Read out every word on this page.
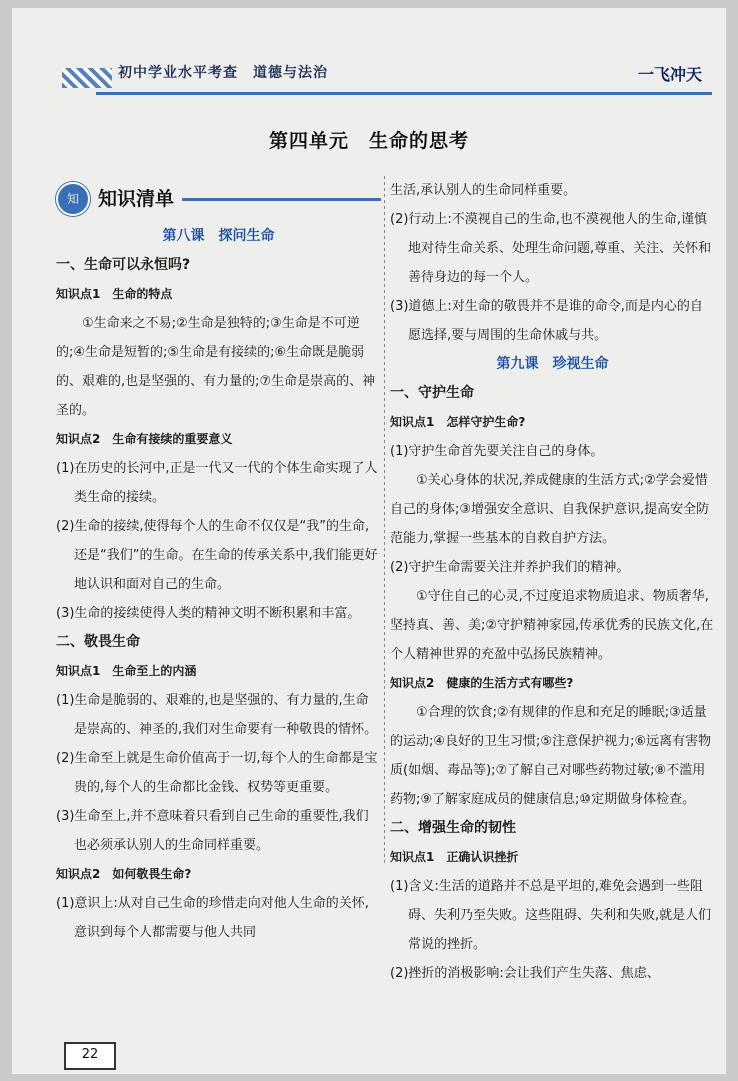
初中学业水平考查　道德与法治	一飞冲天
第四单元　生命的思考
知	知识清单
第八课　探问生命
一、生命可以永恒吗?
知识点1　生命的特点
①生命来之不易;②生命是独特的;③生命是不可逆的;④生命是短暂的;⑤生命是有接续的;⑥生命既是脆弱的、艰难的,也是坚强的、有力量的;⑦生命是崇高的、神圣的。
知识点2　生命有接续的重要意义
(1)在历史的长河中,正是一代又一代的个体生命实现了人类生命的接续。
(2)生命的接续,使得每个人的生命不仅仅是“我”的生命,还是“我们”的生命。在生命的传承关系中,我们能更好地认识和面对自己的生命。
(3)生命的接续使得人类的精神文明不断积累和丰富。
二、敬畏生命
知识点1　生命至上的内涵
(1)生命是脆弱的、艰难的,也是坚强的、有力量的,生命是崇高的、神圣的,我们对生命要有一种敬畏的情怀。
(2)生命至上就是生命价值高于一切,每个人的生命都是宝贵的,每个人的生命都比金钱、权势等更重要。
(3)生命至上,并不意味着只看到自己生命的重要性,我们也必须承认别人的生命同样重要。
知识点2　如何敬畏生命?
(1)意识上:从对自己生命的珍惜走向对他人生命的关怀,意识到每个人都需要与他人共同
生活,承认别人的生命同样重要。
(2)行动上:不漠视自己的生命,也不漠视他人的生命,谨慎地对待生命关系、处理生命问题,尊重、关注、关怀和善待身边的每一个人。
(3)道德上:对生命的敬畏并不是谁的命令,而是内心的自愿选择,要与周围的生命休戚与共。
第九课　珍视生命
一、守护生命
知识点1　怎样守护生命?
(1)守护生命首先要关注自己的身体。
①关心身体的状况,养成健康的生活方式;②学会爱惜自己的身体;③增强安全意识、自我保护意识,提高安全防范能力,掌握一些基本的自救自护方法。
(2)守护生命需要关注并养护我们的精神。
①守住自己的心灵,不过度追求物质追求、物质奢华,坚持真、善、美;②守护精神家园,传承优秀的民族文化,在个人精神世界的充盈中弘扬民族精神。
知识点2　健康的生活方式有哪些?
①合理的饮食;②有规律的作息和充足的睡眠;③适量的运动;④良好的卫生习惯;⑤注意保护视力;⑥远离有害物质(如烟、毒品等);⑦了解自己对哪些药物过敏;⑧不滥用药物;⑨了解家庭成员的健康信息;⑩定期做身体检查。
二、增强生命的韧性
知识点1　正确认识挫折
(1)含义:生活的道路并不总是平坦的,难免会遇到一些阻碍、失利乃至失败。这些阻碍、失利和失败,就是人们常说的挫折。
(2)挫折的消极影响:会让我们产生失落、焦虑、
22
